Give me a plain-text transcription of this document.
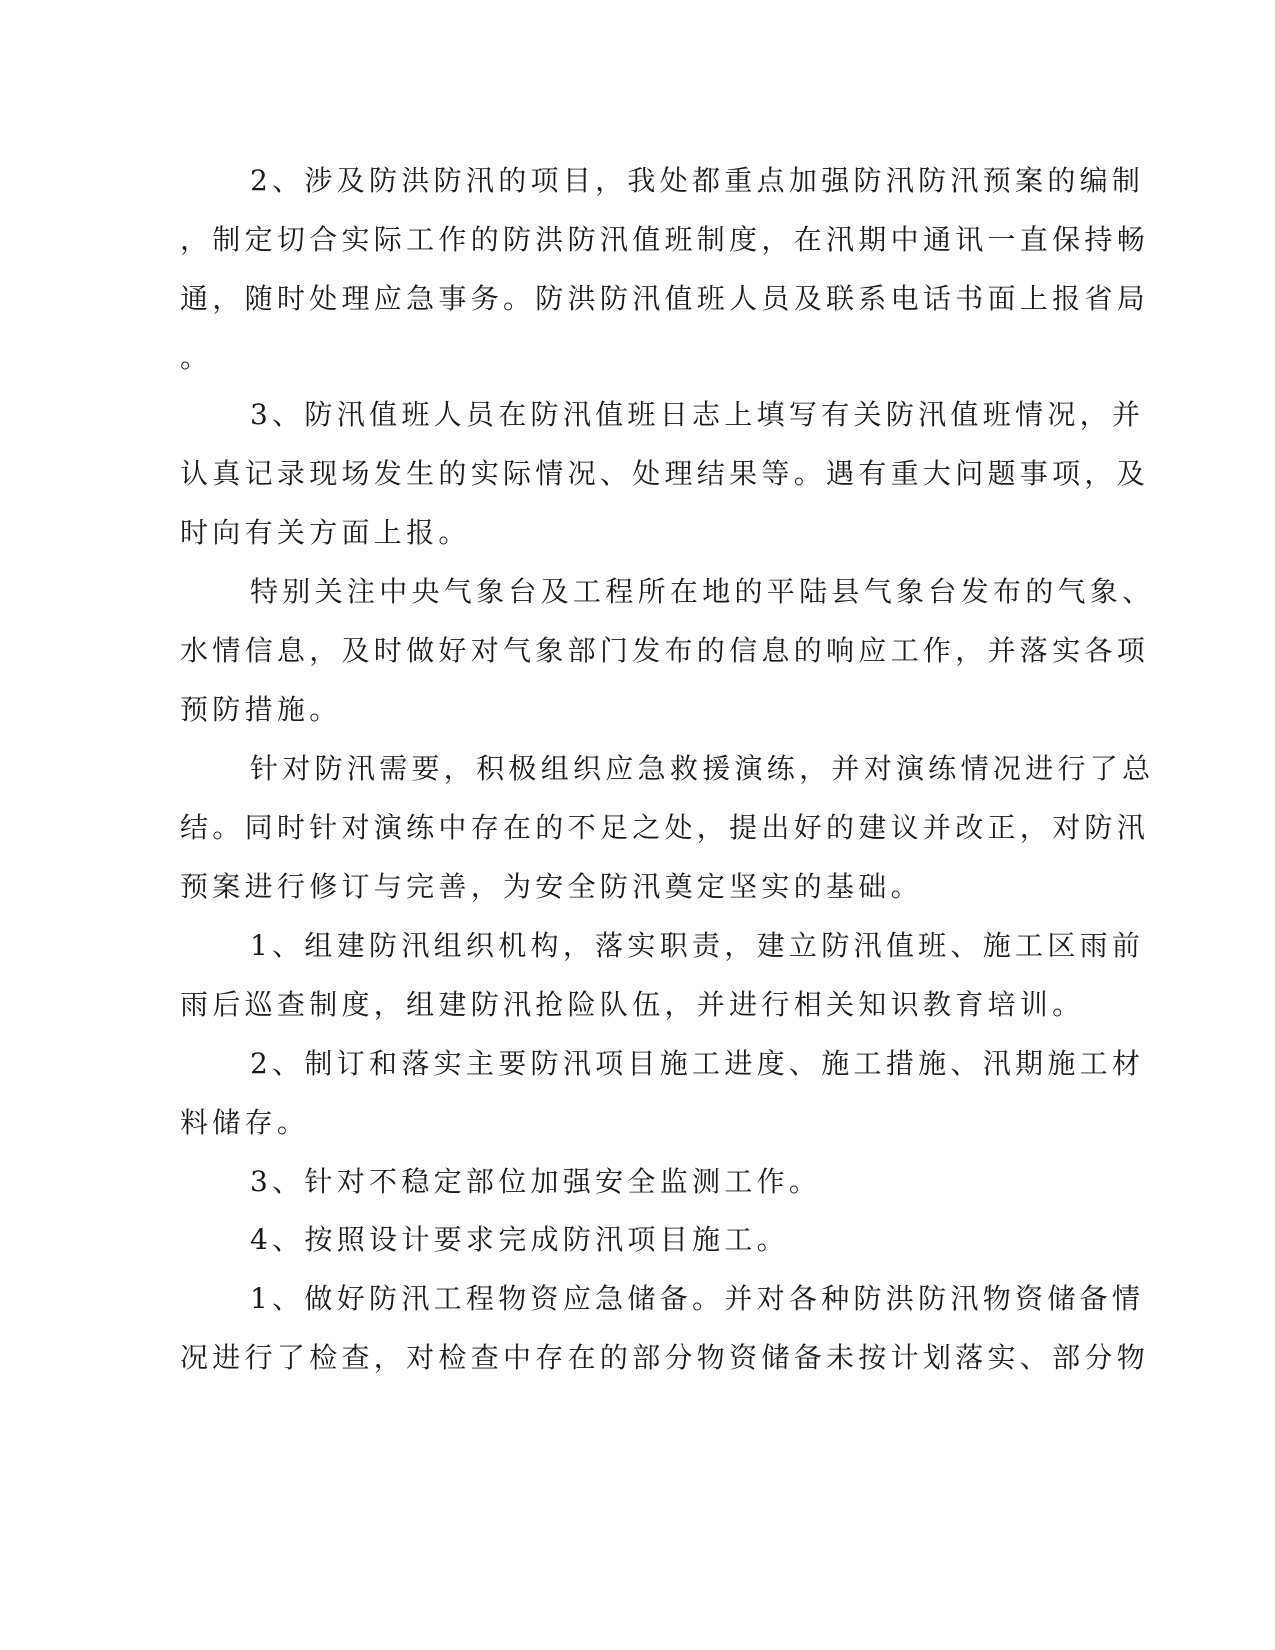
2、涉及防洪防汛的项目，我处都重点加强防汛防汛预案的编制

，制定切合实际工作的防洪防汛值班制度，在汛期中通讯一直保持畅

通，随时处理应急事务。防洪防汛值班人员及联系电话书面上报省局

。

3、防汛值班人员在防汛值班日志上填写有关防汛值班情况，并

认真记录现场发生的实际情况、处理结果等。遇有重大问题事项，及

时向有关方面上报。

特别关注中央气象台及工程所在地的平陆县气象台发布的气象、

水情信息，及时做好对气象部门发布的信息的响应工作，并落实各项

预防措施。

针对防汛需要，积极组织应急救援演练，并对演练情况进行了总

结。同时针对演练中存在的不足之处，提出好的建议并改正，对防汛

预案进行修订与完善，为安全防汛奠定坚实的基础。

1、组建防汛组织机构，落实职责，建立防汛值班、施工区雨前

雨后巡查制度，组建防汛抢险队伍，并进行相关知识教育培训。

2、制订和落实主要防汛项目施工进度、施工措施、汛期施工材

料储存。

3、针对不稳定部位加强安全监测工作。

4、按照设计要求完成防汛项目施工。

1、做好防汛工程物资应急储备。并对各种防洪防汛物资储备情

况进行了检查，对检查中存在的部分物资储备未按计划落实、部分物
